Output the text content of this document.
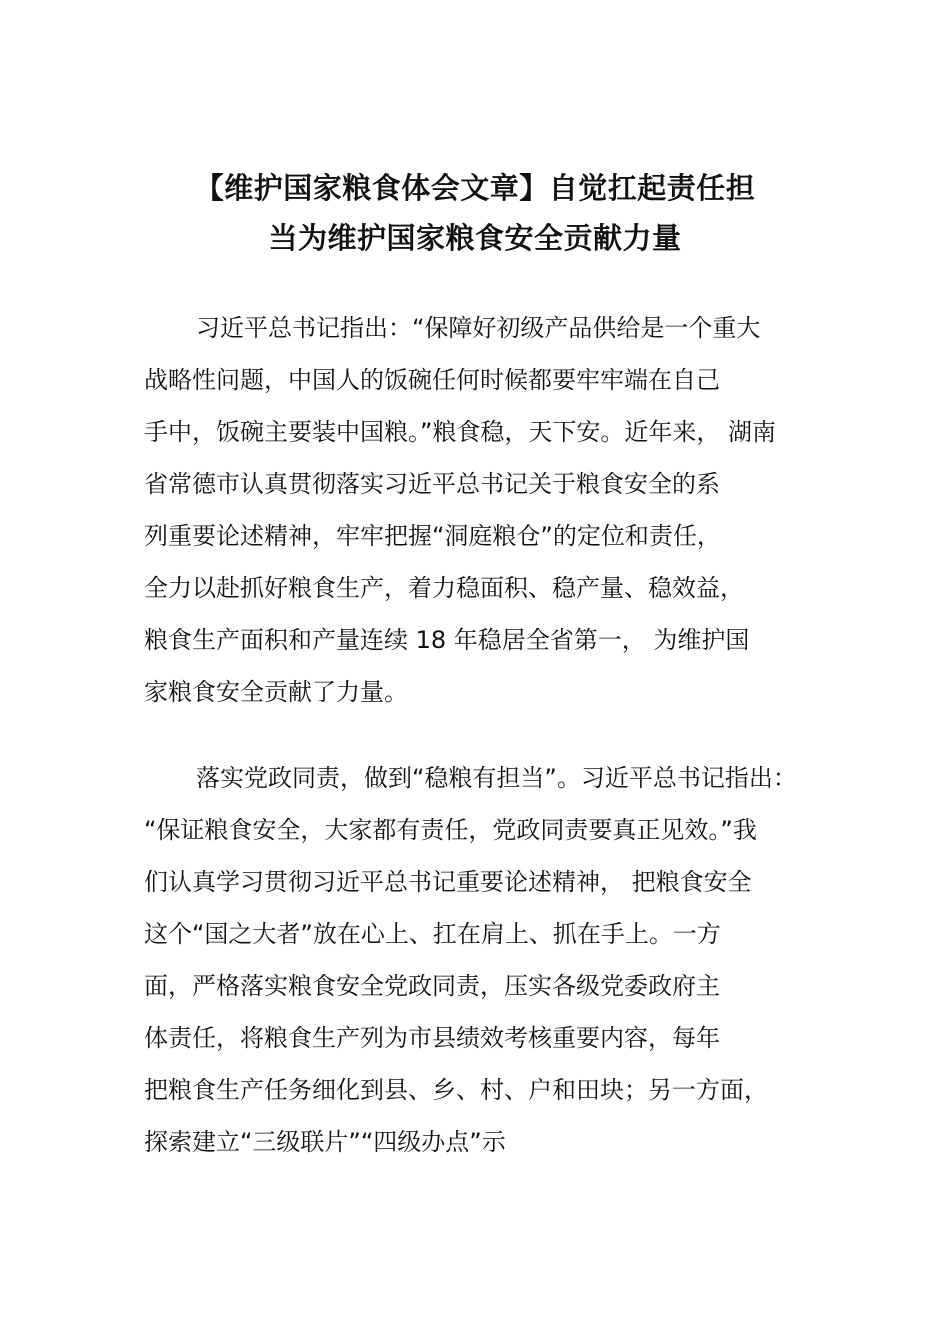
【维护国家粮食体会文章】自觉扛起责任担
当为维护国家粮食安全贡献力量
习近平总书记指出：“保障好初级产品供给是一个重大
战略性问题，中国人的饭碗任何时候都要牢牢端在自己
手中，饭碗主要装中国粮。”粮食稳，天下安。近年来， 湖南
省常德市认真贯彻落实习近平总书记关于粮食安全的系
列重要论述精神，牢牢把握“洞庭粮仓”的定位和责任，
全力以赴抓好粮食生产，着力稳面积、稳产量、稳效益，
粮食生产面积和产量连续 18 年稳居全省第一， 为维护国
家粮食安全贡献了力量。
落实党政同责，做到“稳粮有担当”。习近平总书记指出：
“保证粮食安全，大家都有责任，党政同责要真正见效。”我
们认真学习贯彻习近平总书记重要论述精神， 把粮食安全
这个“国之大者”放在心上、扛在肩上、抓在手上。一方
面，严格落实粮食安全党政同责，压实各级党委政府主
体责任，将粮食生产列为市县绩效考核重要内容，每年
把粮食生产任务细化到县、乡、村、户和田块；另一方面，
探索建立“三级联片”“四级办点”示
